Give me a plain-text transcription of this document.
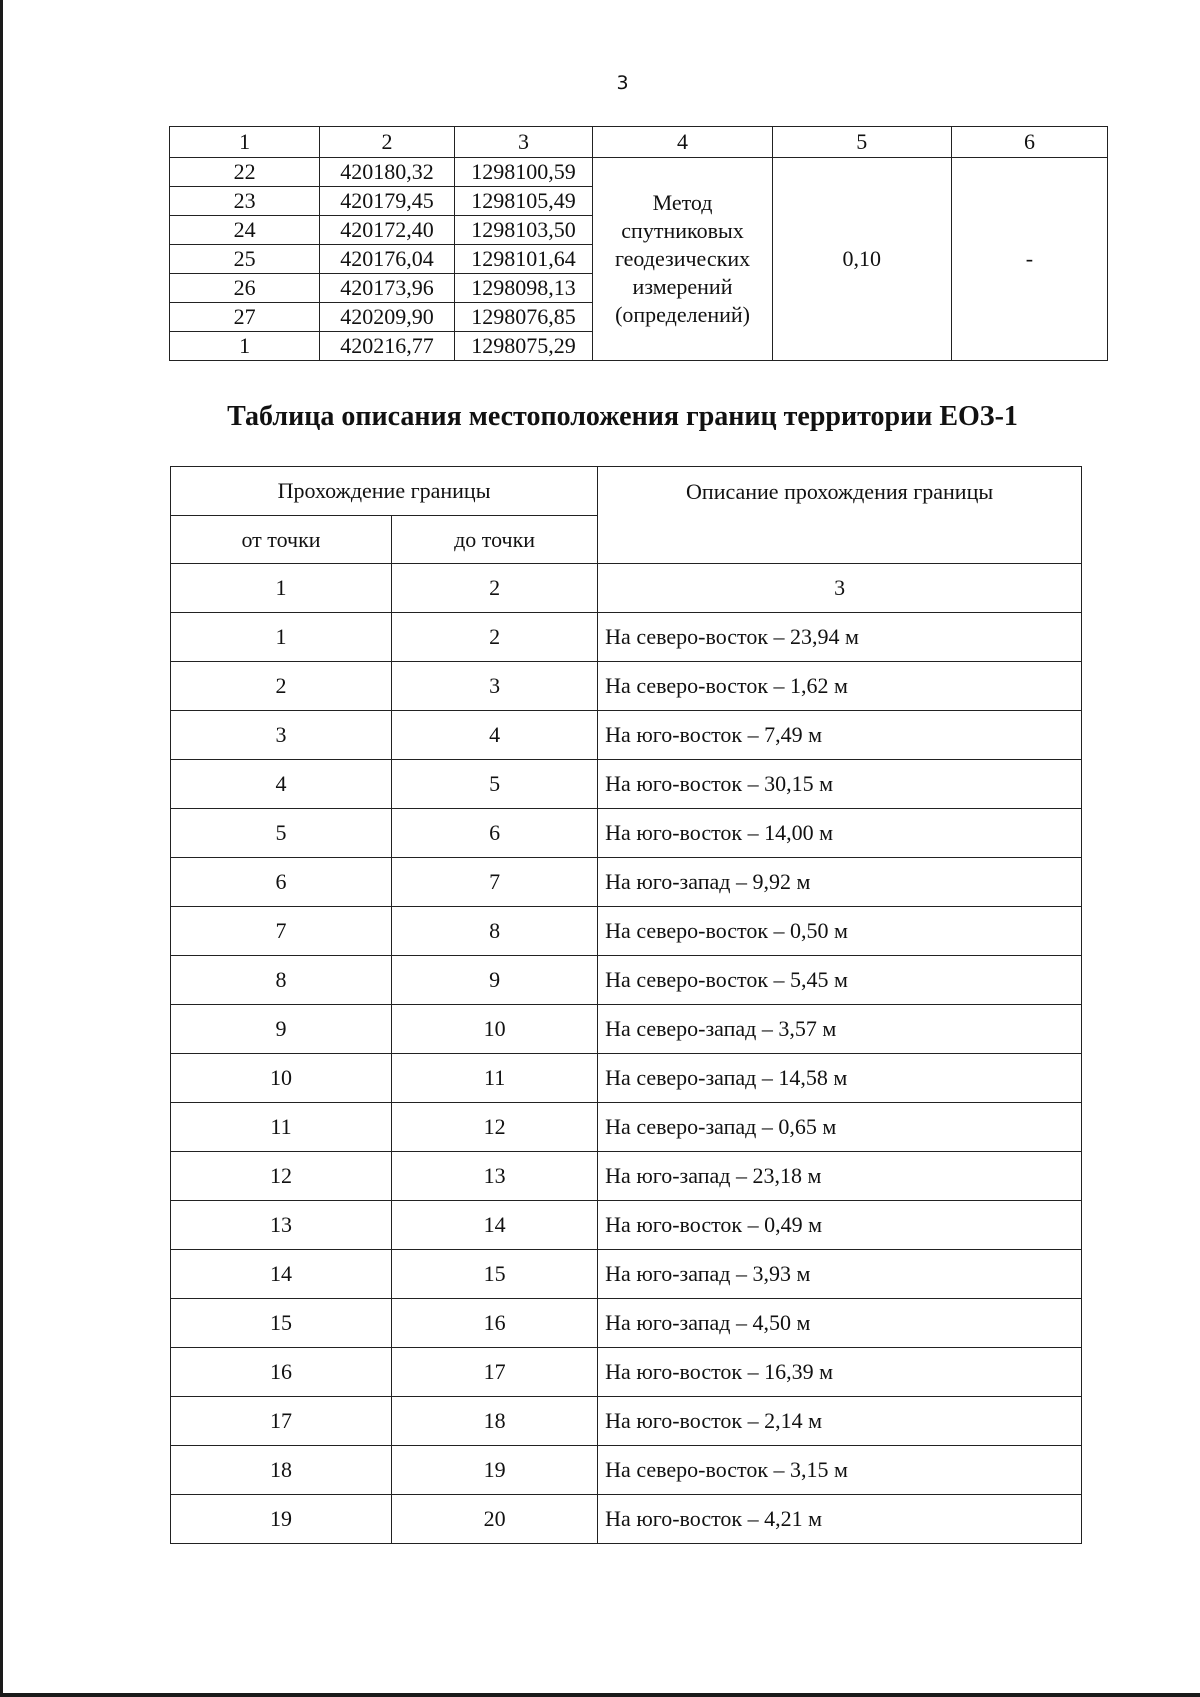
3
1	2	3	4	5	6
22	420180,32	1298100,59	Метод
спутниковых
геодезических
измерений
(определений)	0,10	-
23	420179,45	1298105,49			
24	420172,40	1298103,50			
25	420176,04	1298101,64			
26	420173,96	1298098,13			
27	420209,90	1298076,85			
1	420216,77	1298075,29			
Таблица описания местоположения границ территории ЕОЗ-1
Прохождение границы		Описание прохождения границы
от точки	до точки	
1	2	3
1	2	На северо-восток – 23,94 м
2	3	На северо-восток – 1,62 м
3	4	На юго-восток – 7,49 м
4	5	На юго-восток – 30,15 м
5	6	На юго-восток – 14,00 м
6	7	На юго-запад – 9,92 м
7	8	На северо-восток – 0,50 м
8	9	На северо-восток – 5,45 м
9	10	На северо-запад – 3,57 м
10	11	На северо-запад – 14,58 м
11	12	На северо-запад – 0,65 м
12	13	На юго-запад – 23,18 м
13	14	На юго-восток – 0,49 м
14	15	На юго-запад – 3,93 м
15	16	На юго-запад – 4,50 м
16	17	На юго-восток – 16,39 м
17	18	На юго-восток – 2,14 м
18	19	На северо-восток – 3,15 м
19	20	На юго-восток – 4,21 м
